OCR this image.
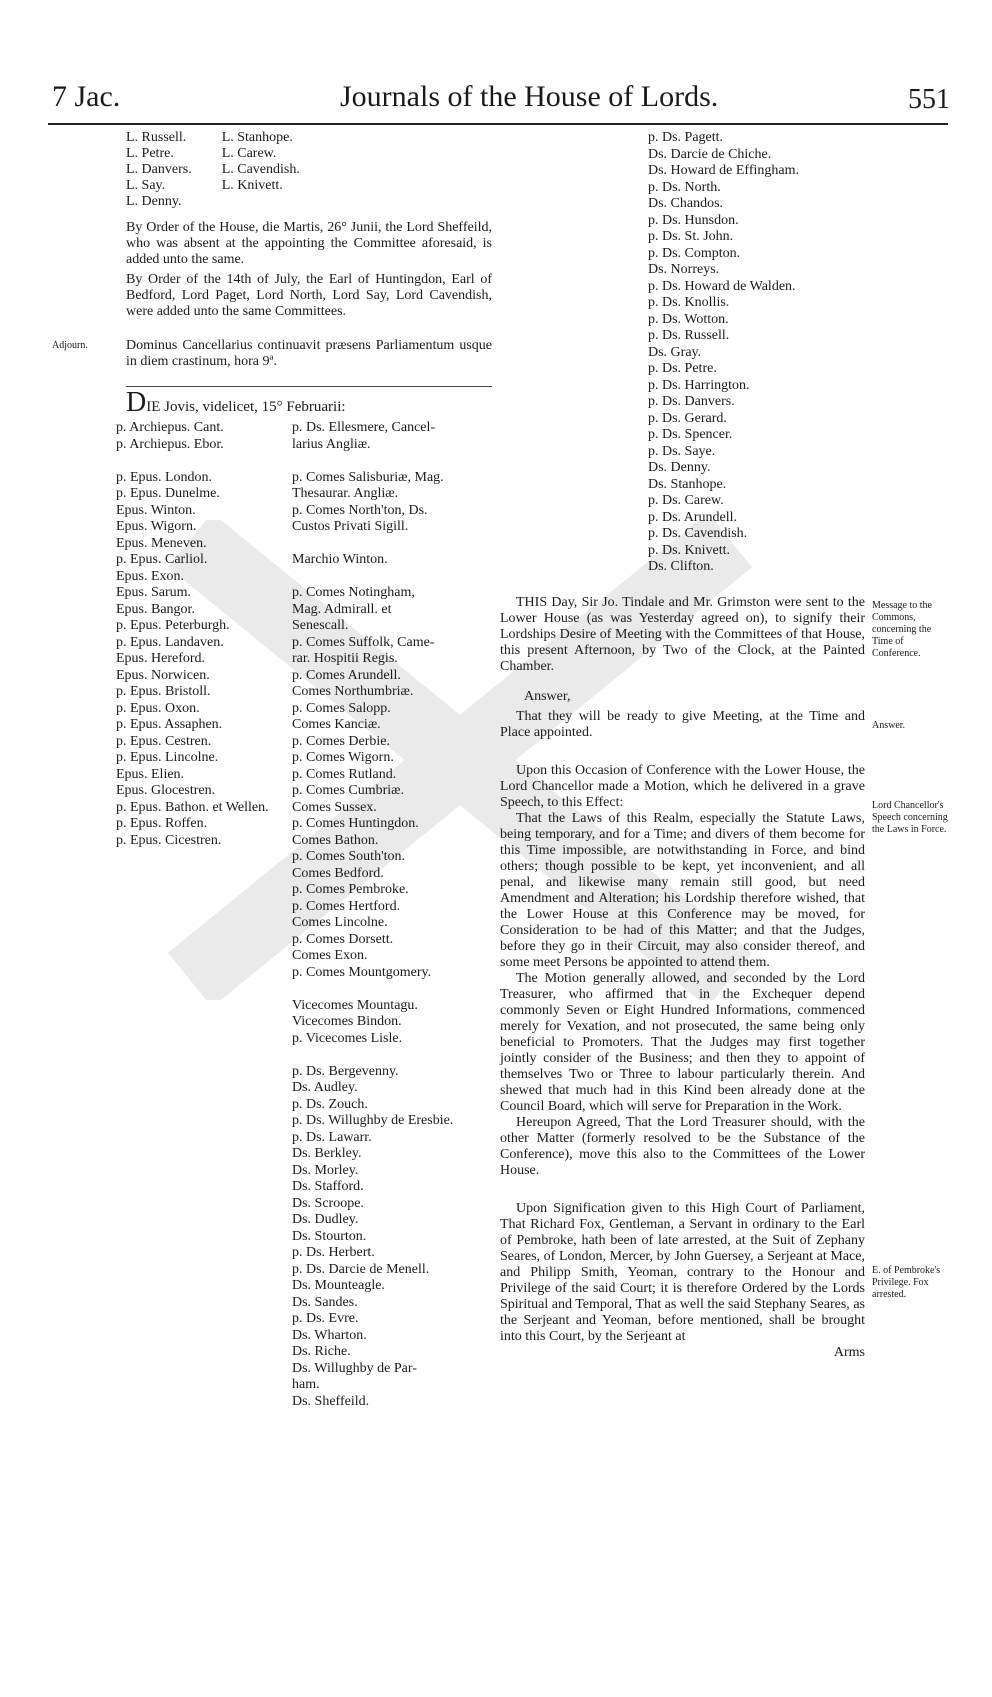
7 Jac.	Journals of the House of Lords.	551
L. Russell.
L. Petre.
L. Danvers.
L. Say.
L. Denny.
L. Stanhope.
L. Carew.
L. Cavendish.
L. Knivett.

By Order of the House, die Martis, 26° Junii, the Lord Sheffeild, who was absent at the appointing the Committee aforesaid, is added unto the same.

By Order of the 14th of July, the Earl of Huntingdon, Earl of Bedford, Lord Paget, Lord North, Lord Say, Lord Cavendish, were added unto the same Committees.

Dominus Cancellarius continuavit præsens Parliamentum usque in diem crastinum, hora 9ª.

DIE Jovis, videlicet, 15° Februarii:
Adjourn.
p. Archiepus. Cant.
p. Archiepus. Ebor.

p. Epus. London.
p. Epus. Dunelme.
Epus. Winton.
Epus. Wigorn.
Epus. Meneven.
p. Epus. Carliol.
Epus. Exon.
Epus. Sarum.
Epus. Bangor.
p. Epus. Peterburgh.
p. Epus. Landaven.
Epus. Hereford.
Epus. Norwicen.
p. Epus. Bristoll.
p. Epus. Oxon.
p. Epus. Assaphen.
p. Epus. Cestren.
p. Epus. Lincolne.
Epus. Elien.
Epus. Glocestren.
p. Epus. Bathon. et Wellen.
p. Epus. Roffen.
p. Epus. Cicestren.
p. Ds. Ellesmere, Cancel-
larius Angliæ.

p. Comes Salisburiæ, Mag.
Thesaurar. Angliæ.
p. Comes North'ton, Ds.
Custos Privati Sigill.

Marchio Winton.

p. Comes Notingham,
Mag. Admirall. et
Senescall.
p. Comes Suffolk, Came-
rar. Hospitii Regis.
p. Comes Arundell.
Comes Northumbriæ.
p. Comes Salopp.
Comes Kanciæ.
p. Comes Derbie.
p. Comes Wigorn.
p. Comes Rutland.
p. Comes Cumbriæ.
Comes Sussex.
p. Comes Huntingdon.
Comes Bathon.
p. Comes South'ton.
Comes Bedford.
p. Comes Pembroke.
p. Comes Hertford.
Comes Lincolne.
p. Comes Dorsett.
Comes Exon.
p. Comes Mountgomery.

Vicecomes Mountagu.
Vicecomes Bindon.
p. Vicecomes Lisle.

p. Ds. Bergevenny.
Ds. Audley.
p. Ds. Zouch.
p. Ds. Willughby de Eresbie.
p. Ds. Lawarr.
Ds. Berkley.
Ds. Morley.
Ds. Stafford.
Ds. Scroope.
Ds. Dudley.
Ds. Stourton.
p. Ds. Herbert.
p. Ds. Darcie de Menell.
Ds. Mounteagle.
Ds. Sandes.
p. Ds. Evre.
Ds. Wharton.
Ds. Riche.
Ds. Willughby de Par-
ham.
Ds. Sheffeild.
p. Ds. Pagett.
Ds. Darcie de Chiche.
Ds. Howard de Effingham.
p. Ds. North.
Ds. Chandos.
p. Ds. Hunsdon.
p. Ds. St. John.
p. Ds. Compton.
Ds. Norreys.
p. Ds. Howard de Walden.
p. Ds. Knollis.
p. Ds. Wotton.
p. Ds. Russell.
Ds. Gray.
p. Ds. Petre.
p. Ds. Harrington.
p. Ds. Danvers.
p. Ds. Gerard.
p. Ds. Spencer.
p. Ds. Saye.
Ds. Denny.
Ds. Stanhope.
p. Ds. Carew.
p. Ds. Arundell.
p. Ds. Cavendish.
p. Ds. Knivett.
Ds. Clifton.

THIS Day, Sir Jo. Tindale and Mr. Grimston were sent to the Lower House (as was Yesterday agreed on), to signify their Lordships Desire of Meeting with the Committees of that House, this present Afternoon, by Two of the Clock, at the Painted Chamber.

Answer,

That they will be ready to give Meeting, at the Time and Place appointed.

Upon this Occasion of Conference with the Lower House, the Lord Chancellor made a Motion, which he delivered in a grave Speech, to this Effect:

That the Laws of this Realm, especially the Statute Laws, being temporary, and for a Time; and divers of them become for this Time impossible, are notwithstanding in Force, and bind others; though possible to be kept, yet inconvenient, and all penal, and likewise many remain still good, but need Amendment and Alteration; his Lordship therefore wished, that the Lower House at this Conference may be moved, for Consideration to be had of this Matter; and that the Judges, before they go in their Circuit, may also consider thereof, and some meet Persons be appointed to attend them.

The Motion generally allowed, and seconded by the Lord Treasurer, who affirmed that in the Exchequer depend commonly Seven or Eight Hundred Informations, commenced merely for Vexation, and not prosecuted, the same being only beneficial to Promoters. That the Judges may first together jointly consider of the Business; and then they to appoint of themselves Two or Three to labour particularly therein. And shewed that much had in this Kind been already done at the Council Board, which will serve for Preparation in the Work.

Hereupon Agreed, That the Lord Treasurer should, with the other Matter (formerly resolved to be the Substance of the Conference), move this also to the Committees of the Lower House.

Upon Signification given to this High Court of Parliament, That Richard Fox, Gentleman, a Servant in ordinary to the Earl of Pembroke, hath been of late arrested, at the Suit of Zephany Seares, of London, Mercer, by John Guersey, a Serjeant at Mace, and Philipp Smith, Yeoman, contrary to the Honour and Privilege of the said Court; it is therefore Ordered by the Lords Spiritual and Temporal, That as well the said Stephany Seares, as the Serjeant and Yeoman, before mentioned, shall be brought into this Court, by the Serjeant at

Arms

Message to the Commons, concerning the Time of Conference.
Answer.
Lord Chancellor's Speech concerning the Laws in Force.
E. of Pembroke's Privilege. Fox arrested.
